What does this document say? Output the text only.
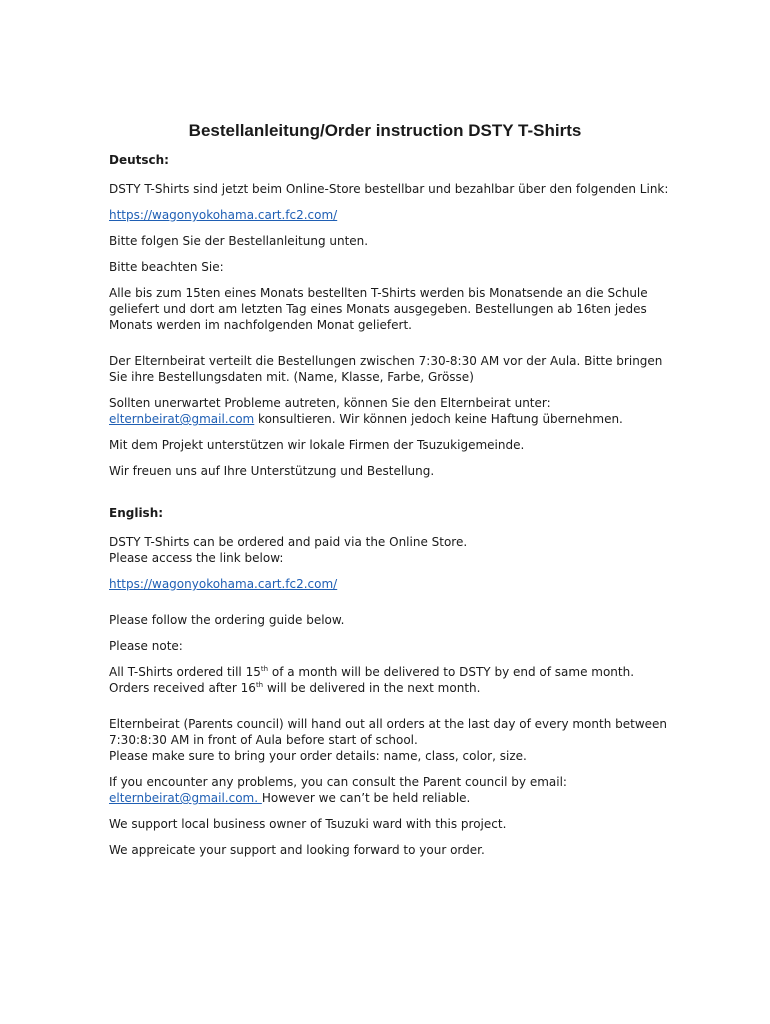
Bestellanleitung/Order instruction DSTY T-Shirts
Deutsch:

DSTY T-Shirts sind jetzt beim Online-Store bestellbar und bezahlbar über den folgenden Link:

https://wagonyokohama.cart.fc2.com/

Bitte folgen Sie der Bestellanleitung unten.

Bitte beachten Sie:

Alle bis zum 15ten eines Monats bestellten T-Shirts werden bis Monatsende an die Schule geliefert und dort am letzten Tag eines Monats ausgegeben. Bestellungen ab 16ten jedes Monats werden im nachfolgenden Monat geliefert.

Der Elternbeirat verteilt die Bestellungen zwischen 7:30-8:30 AM vor der Aula. Bitte bringen Sie ihre Bestellungsdaten mit. (Name, Klasse, Farbe, Grösse)

Sollten unerwartet Probleme autreten, können Sie den Elternbeirat unter:
elternbeirat@gmail.com konsultieren. Wir können jedoch keine Haftung übernehmen.

Mit dem Projekt unterstützen wir lokale Firmen der Tsuzukigemeinde.

Wir freuen uns auf Ihre Unterstützung und Bestellung.

English:

DSTY T-Shirts can be ordered and paid via the Online Store.
Please access the link below:

https://wagonyokohama.cart.fc2.com/

Please follow the ordering guide below.

Please note:

All T-Shirts ordered till 15th of a month will be delivered to DSTY by end of same month. Orders received after 16th will be delivered in the next month.

Elternbeirat (Parents council) will hand out all orders at the last day of every month between 7:30:8:30 AM in front of Aula before start of school.
Please make sure to bring your order details: name, class, color, size.

If you encounter any problems, you can consult the Parent council by email:
elternbeirat@gmail.com. However we can’t be held reliable.

We support local business owner of Tsuzuki ward with this project.

We appreicate your support and looking forward to your order.
